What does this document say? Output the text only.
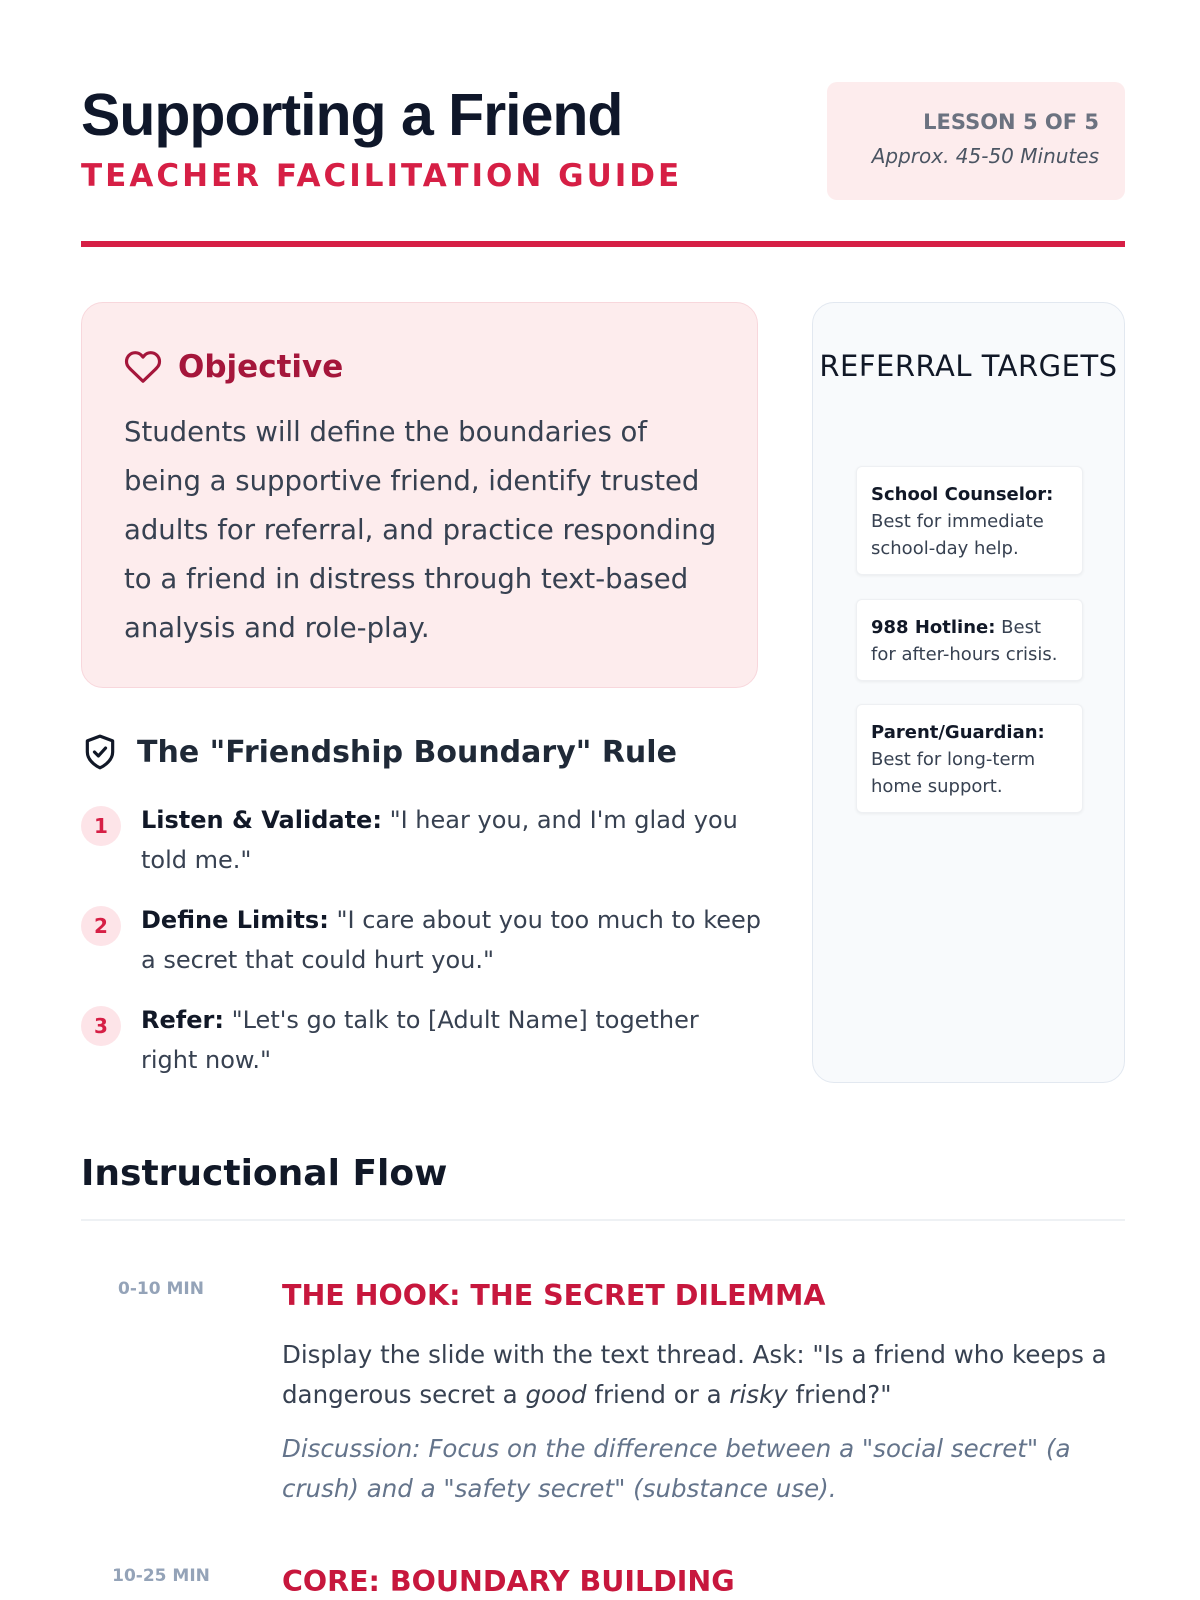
Supporting a Friend
TEACHER FACILITATION GUIDE
LESSON 5 OF 5
Approx. 45-50 Minutes
Objective
Students will define the boundaries of being a supportive friend, identify trusted adults for referral, and practice responding to a friend in distress through text-based analysis and role-play.
The "Friendship Boundary" Rule
1	Listen & Validate: "I hear you, and I'm glad you told me."
2	Define Limits: "I care about you too much to keep a secret that could hurt you."
3	Refer: "Let's go talk to [Adult Name] together right now."
REFERRAL TARGETS
School Counselor:
Best for immediate school-day help.
988 Hotline: Best for after-hours crisis.
Parent/Guardian:
Best for long-term home support.
Instructional Flow
0-10 MIN	THE HOOK: THE SECRET DILEMMA
Display the slide with the text thread. Ask: "Is a friend who keeps a dangerous secret a good friend or a risky friend?"
Discussion: Focus on the difference between a "social secret" (a crush) and a "safety secret" (substance use).
10-25 MIN	CORE: BOUNDARY BUILDING
